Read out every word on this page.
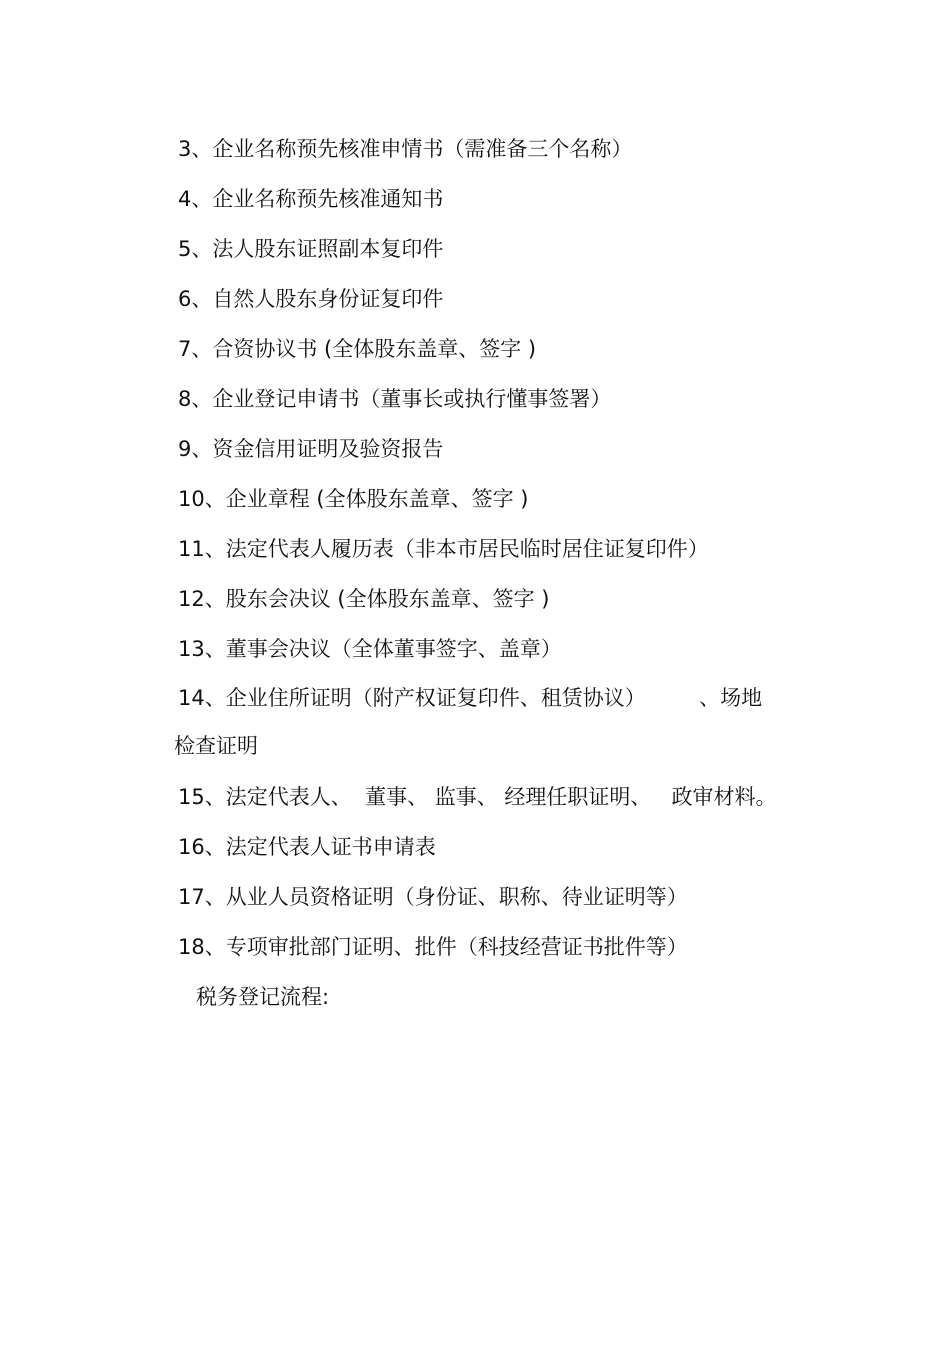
3、企业名称预先核准申情书（需准备三个名称）
4、企业名称预先核准通知书
5、法人股东证照副本复印件
6、自然人股东身份证复印件
7、合资协议书 (全体股东盖章、签字 )
8、企业登记申请书（董事长或执行懂事签署）
9、资金信用证明及验资报告
10、企业章程 (全体股东盖章、签字 )
11、法定代表人履历表（非本市居民临时居住证复印件）
12、股东会决议 (全体股东盖章、签字 )
13、董事会决议（全体董事签字、盖章）
14、企业住所证明（附产权证复印件、租赁协议）        、场地
检查证明
15、法定代表人、  董事、 监事、 经理任职证明、   政审材料。
16、法定代表人证书申请表
17、从业人员资格证明（身份证、职称、待业证明等）
18、专项审批部门证明、批件（科技经营证书批件等）
税务登记流程:
